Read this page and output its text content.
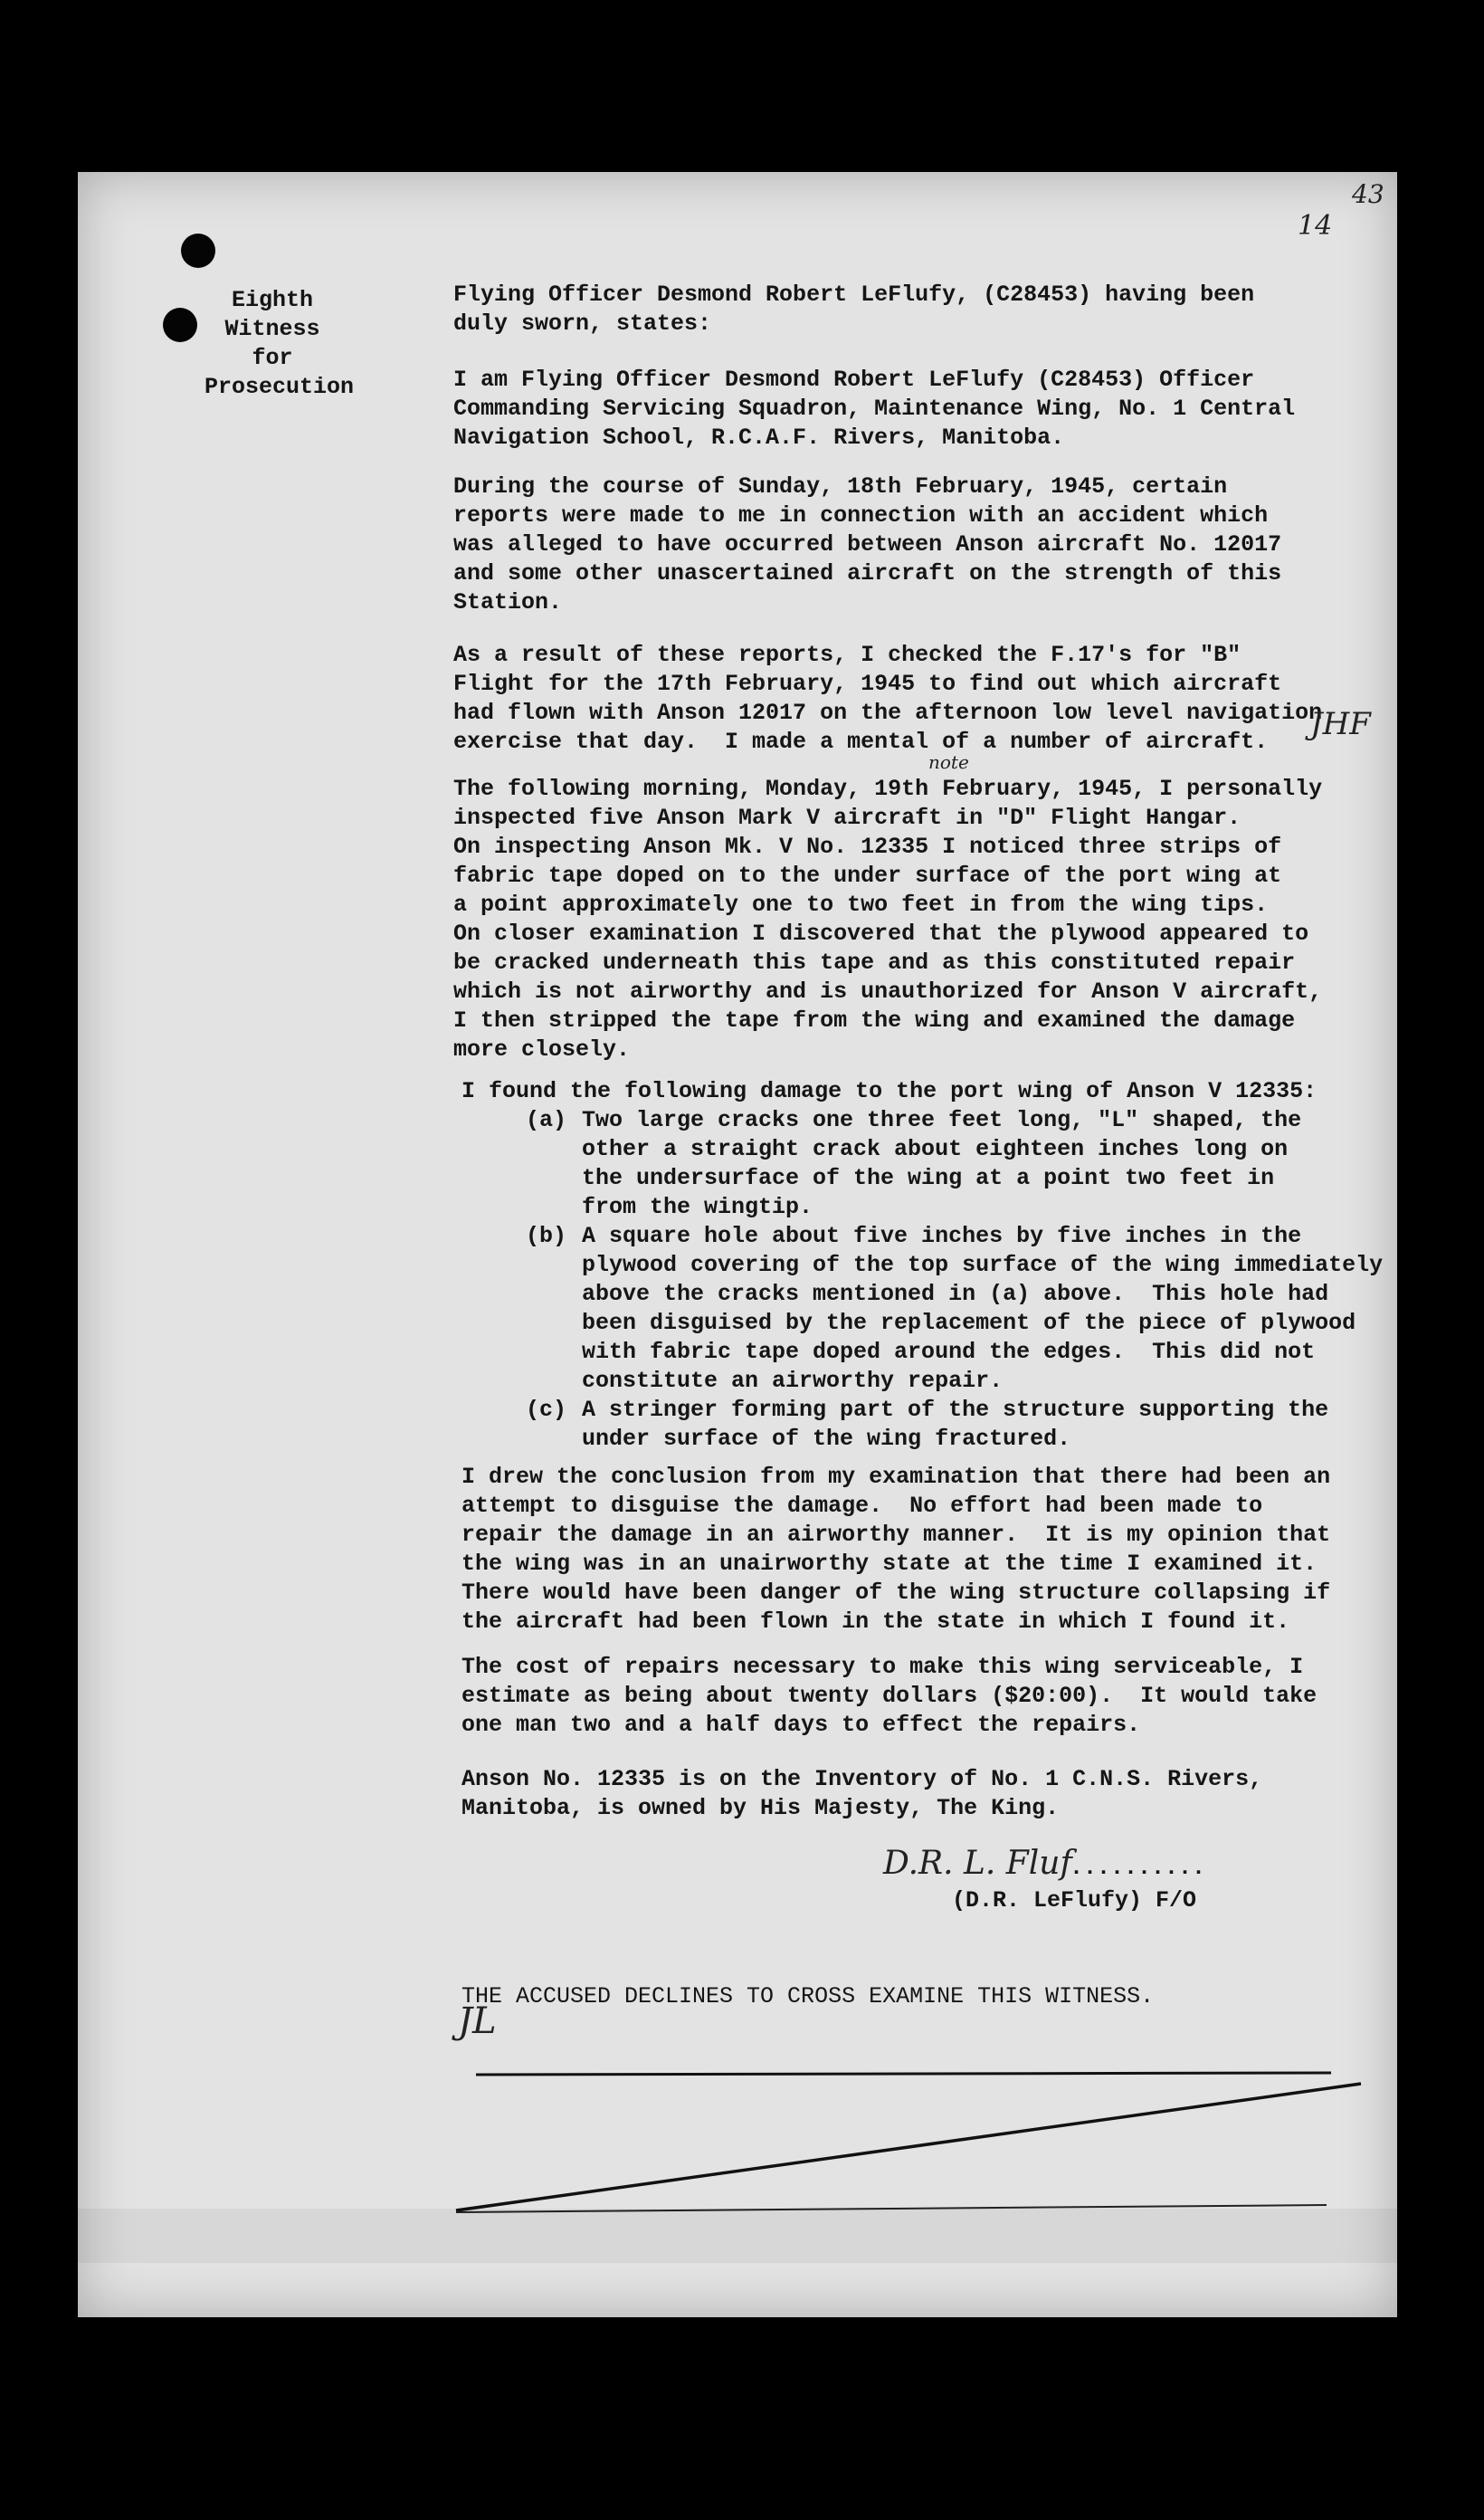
14
43
Eighth Witness
for
Prosecution
Flying Officer Desmond Robert LeFlufy, (C28453) having been
duly sworn, states:
I am Flying Officer Desmond Robert LeFlufy (C28453) Officer
Commanding Servicing Squadron, Maintenance Wing, No. 1 Central
Navigation School, R.C.A.F. Rivers, Manitoba.
During the course of Sunday, 18th February, 1945, certain
reports were made to me in connection with an accident which
was alleged to have occurred between Anson aircraft No. 12017
and some other unascertained aircraft on the strength of this
Station.
As a result of these reports, I checked the F.17's for "B"
Flight for the 17th February, 1945 to find out which aircraft
had flown with Anson 12017 on the afternoon low level navigation
exercise that day.  I made a mental of a number of aircraft.
note
JHF
The following morning, Monday, 19th February, 1945, I personally
inspected five Anson Mark V aircraft in "D" Flight Hangar.
On inspecting Anson Mk. V No. 12335 I noticed three strips of
fabric tape doped on to the under surface of the port wing at
a point approximately one to two feet in from the wing tips.
On closer examination I discovered that the plywood appeared to
be cracked underneath this tape and as this constituted repair
which is not airworthy and is unauthorized for Anson V aircraft,
I then stripped the tape from the wing and examined the damage
more closely.
I found the following damage to the port wing of Anson V 12335:
(a) Two large cracks one three feet long, "L" shaped, the
other a straight crack about eighteen inches long on
the undersurface of the wing at a point two feet in
from the wingtip.
(b) A square hole about five inches by five inches in the
plywood covering of the top surface of the wing immediately
above the cracks mentioned in (a) above.  This hole had
been disguised by the replacement of the piece of plywood
with fabric tape doped around the edges.  This did not
constitute an airworthy repair.
(c) A stringer forming part of the structure supporting the
under surface of the wing fractured.
I drew the conclusion from my examination that there had been an
attempt to disguise the damage.  No effort had been made to
repair the damage in an airworthy manner.  It is my opinion that
the wing was in an unairworthy state at the time I examined it.
There would have been danger of the wing structure collapsing if
the aircraft had been flown in the state in which I found it.
The cost of repairs necessary to make this wing serviceable, I
estimate as being about twenty dollars ($20:00).  It would take
one man two and a half days to effect the repairs.
Anson No. 12335 is on the Inventory of No. 1 C.N.S. Rivers,
Manitoba, is owned by His Majesty, The King.
D.R. L. Fluf
..........
(D.R. LeFlufy) F/O
THE ACCUSED DECLINES TO CROSS EXAMINE THIS WITNESS.
JL
